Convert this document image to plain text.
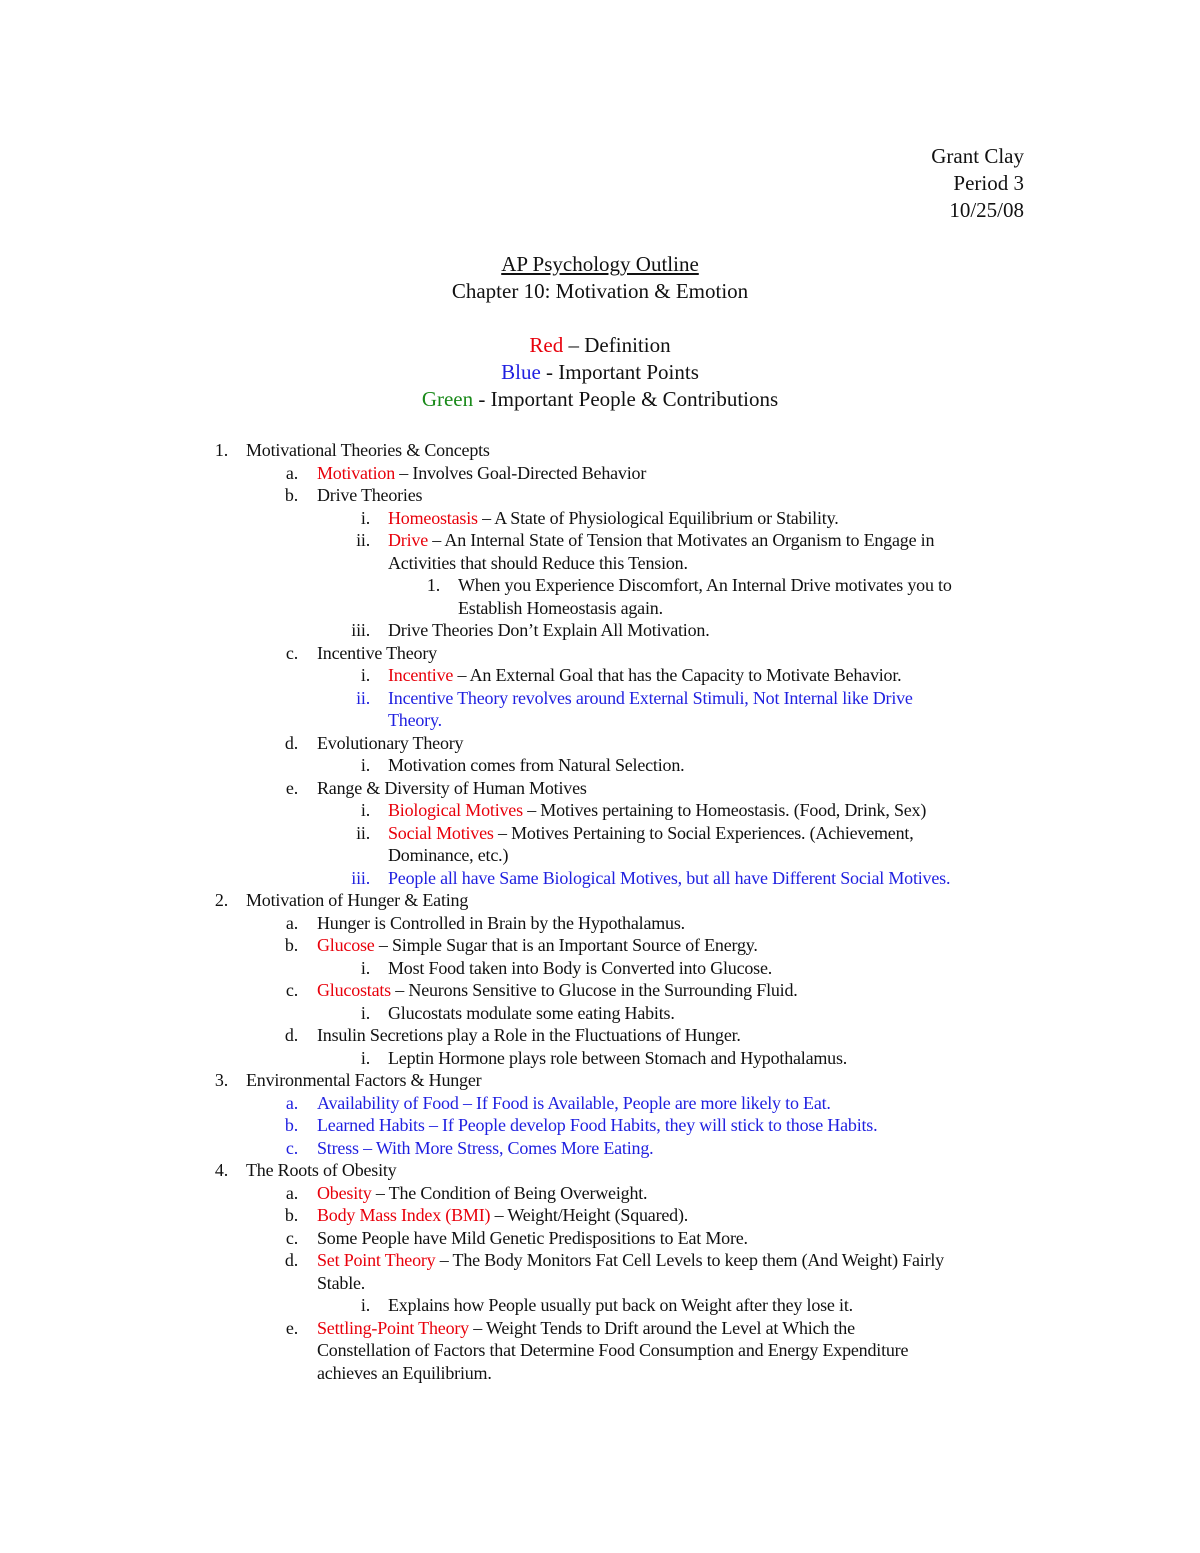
Grant Clay
Period 3
10/25/08
AP Psychology Outline
Chapter 10: Motivation & Emotion
Red – Definition
Blue - Important Points
Green - Important People & Contributions
1. Motivational Theories & Concepts
a. Motivation – Involves Goal-Directed Behavior
b. Drive Theories
i. Homeostasis – A State of Physiological Equilibrium or Stability.
ii. Drive – An Internal State of Tension that Motivates an Organism to Engage in
Activities that should Reduce this Tension.
1. When you Experience Discomfort, An Internal Drive motivates you to
Establish Homeostasis again.
iii. Drive Theories Don’t Explain All Motivation.
c. Incentive Theory
i. Incentive – An External Goal that has the Capacity to Motivate Behavior.
ii. Incentive Theory revolves around External Stimuli, Not Internal like Drive
Theory.
d. Evolutionary Theory
i. Motivation comes from Natural Selection.
e. Range & Diversity of Human Motives
i. Biological Motives – Motives pertaining to Homeostasis. (Food, Drink, Sex)
ii. Social Motives – Motives Pertaining to Social Experiences. (Achievement,
Dominance, etc.)
iii. People all have Same Biological Motives, but all have Different Social Motives.
2. Motivation of Hunger & Eating
a. Hunger is Controlled in Brain by the Hypothalamus.
b. Glucose – Simple Sugar that is an Important Source of Energy.
i. Most Food taken into Body is Converted into Glucose.
c. Glucostats – Neurons Sensitive to Glucose in the Surrounding Fluid.
i. Glucostats modulate some eating Habits.
d. Insulin Secretions play a Role in the Fluctuations of Hunger.
i. Leptin Hormone plays role between Stomach and Hypothalamus.
3. Environmental Factors & Hunger
a. Availability of Food – If Food is Available, People are more likely to Eat.
b. Learned Habits – If People develop Food Habits, they will stick to those Habits.
c. Stress – With More Stress, Comes More Eating.
4. The Roots of Obesity
a. Obesity – The Condition of Being Overweight.
b. Body Mass Index (BMI) – Weight/Height (Squared).
c. Some People have Mild Genetic Predispositions to Eat More.
d. Set Point Theory – The Body Monitors Fat Cell Levels to keep them (And Weight) Fairly
Stable.
i. Explains how People usually put back on Weight after they lose it.
e. Settling-Point Theory – Weight Tends to Drift around the Level at Which the
Constellation of Factors that Determine Food Consumption and Energy Expenditure
achieves an Equilibrium.
